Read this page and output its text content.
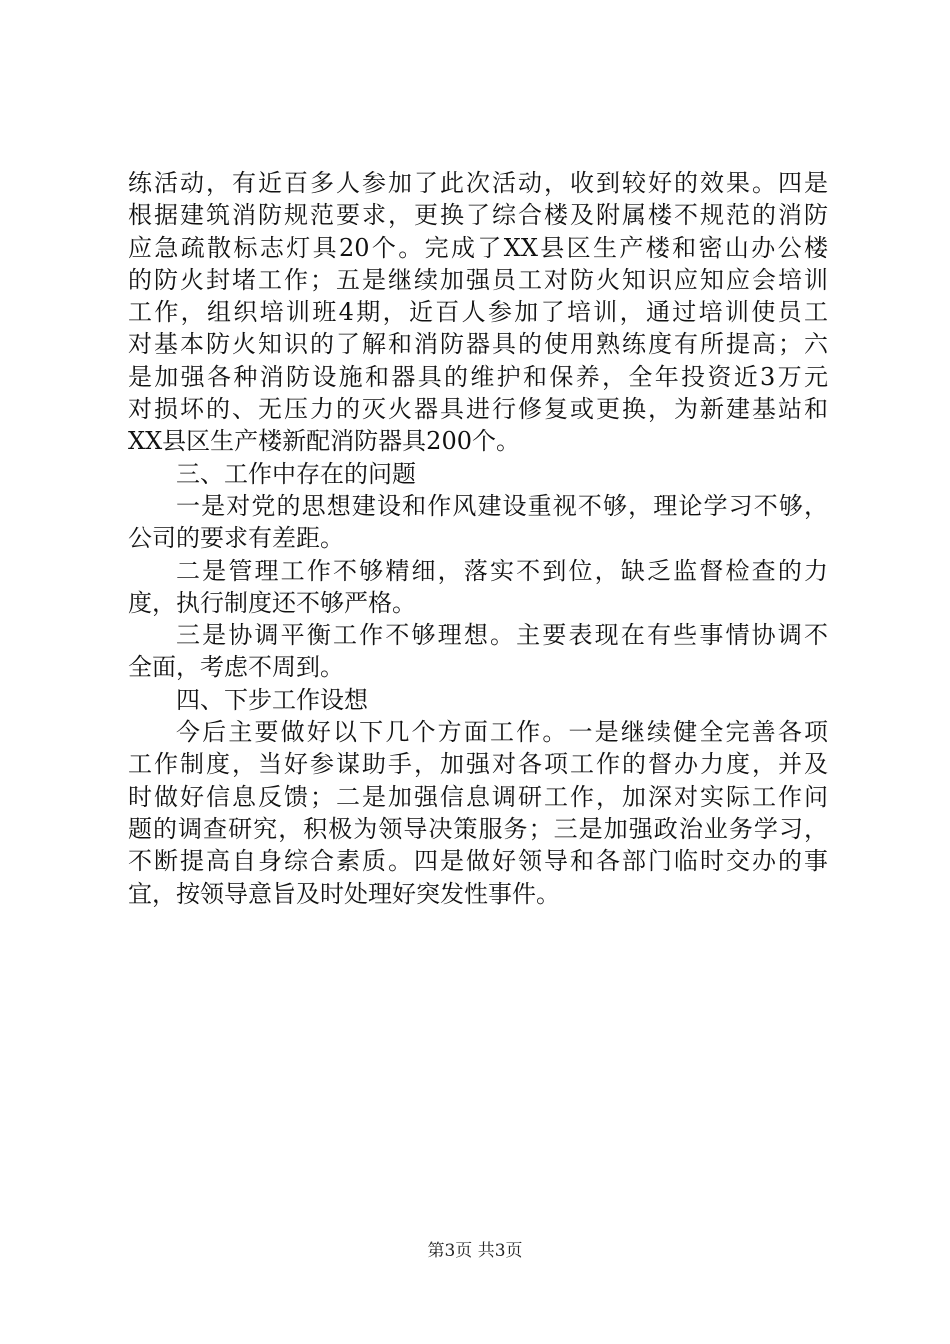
练活动，有近百多人参加了此次活动，收到较好的效果。四是
根据建筑消防规范要求，更换了综合楼及附属楼不规范的消防
应急疏散标志灯具20个。完成了XX县区生产楼和密山办公楼
的防火封堵工作；五是继续加强员工对防火知识应知应会培训
工作，组织培训班4期，近百人参加了培训，通过培训使员工
对基本防火知识的了解和消防器具的使用熟练度有所提高；六
是加强各种消防设施和器具的维护和保养，全年投资近3万元
对损坏的、无压力的灭火器具进行修复或更换，为新建基站和
XX县区生产楼新配消防器具200个。
三、工作中存在的问题
一是对党的思想建设和作风建设重视不够，理论学习不够，
公司的要求有差距。
二是管理工作不够精细，落实不到位，缺乏监督检查的力
度，执行制度还不够严格。
三是协调平衡工作不够理想。主要表现在有些事情协调不
全面，考虑不周到。
四、下步工作设想
今后主要做好以下几个方面工作。一是继续健全完善各项
工作制度，当好参谋助手，加强对各项工作的督办力度，并及
时做好信息反馈；二是加强信息调研工作，加深对实际工作问
题的调查研究，积极为领导决策服务；三是加强政治业务学习，
不断提高自身综合素质。四是做好领导和各部门临时交办的事
宜，按领导意旨及时处理好突发性事件。
第3页 共3页
